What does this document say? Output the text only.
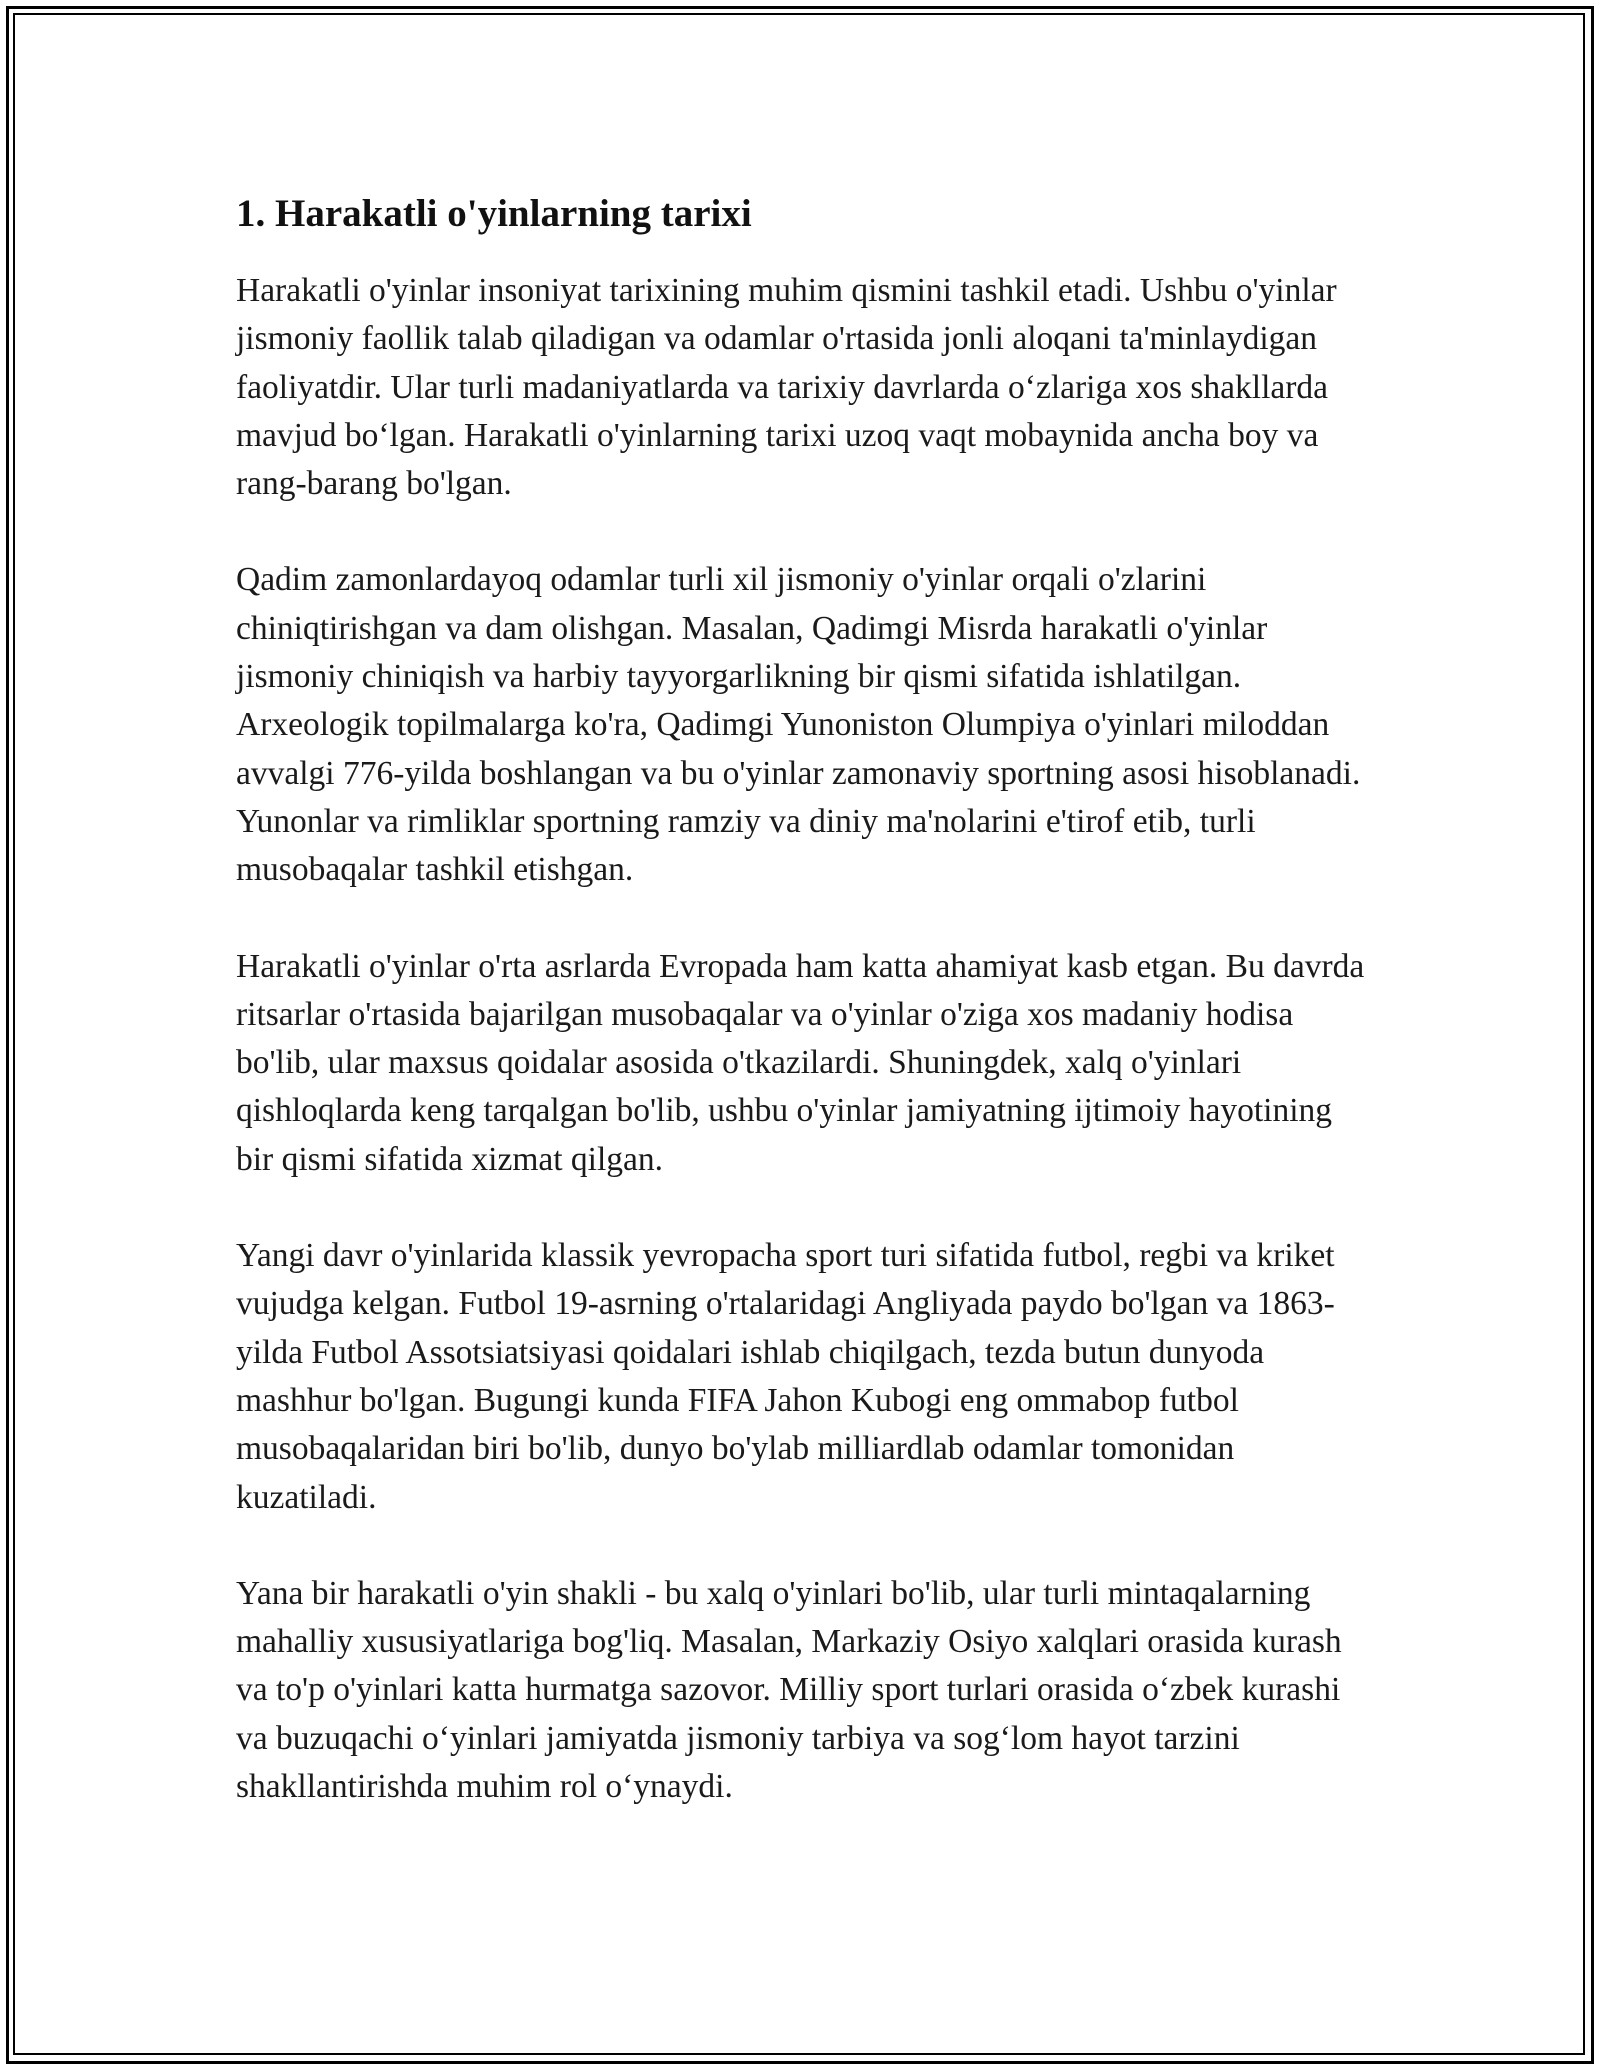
1. Harakatli o'yinlarning tarixi

Harakatli o'yinlar insoniyat tarixining muhim qismini tashkil etadi. Ushbu o'yinlar jismoniy faollik talab qiladigan va odamlar o'rtasida jonli aloqani ta'minlaydigan faoliyatdir. Ular turli madaniyatlarda va tarixiy davrlarda o‘zlariga xos shakllarda mavjud bo‘lgan. Harakatli o'yinlarning tarixi uzoq vaqt mobaynida ancha boy va rang-barang bo'lgan.

Qadim zamonlardayoq odamlar turli xil jismoniy o'yinlar orqali o'zlarini chiniqtirishgan va dam olishgan. Masalan, Qadimgi Misrda harakatli o'yinlar jismoniy chiniqish va harbiy tayyorgarlikning bir qismi sifatida ishlatilgan. Arxeologik topilmalarga ko'ra, Qadimgi Yunoniston Olumpiya o'yinlari miloddan avvalgi 776-yilda boshlangan va bu o'yinlar zamonaviy sportning asosi hisoblanadi. Yunonlar va rimliklar sportning ramziy va diniy ma'nolarini e'tirof etib, turli musobaqalar tashkil etishgan.

Harakatli o'yinlar o'rta asrlarda Evropada ham katta ahamiyat kasb etgan. Bu davrda ritsarlar o'rtasida bajarilgan musobaqalar va o'yinlar o'ziga xos madaniy hodisa bo'lib, ular maxsus qoidalar asosida o'tkazilardi. Shuningdek, xalq o'yinlari qishloqlarda keng tarqalgan bo'lib, ushbu o'yinlar jamiyatning ijtimoiy hayotining bir qismi sifatida xizmat qilgan.

Yangi davr o'yinlarida klassik yevropacha sport turi sifatida futbol, regbi va kriket vujudga kelgan. Futbol 19-asrning o'rtalaridagi Angliyada paydo bo'lgan va 1863-yilda Futbol Assotsiatsiyasi qoidalari ishlab chiqilgach, tezda butun dunyoda mashhur bo'lgan. Bugungi kunda FIFA Jahon Kubogi eng ommabop futbol musobaqalaridan biri bo'lib, dunyo bo'ylab milliardlab odamlar tomonidan kuzatiladi.

Yana bir harakatli o'yin shakli - bu xalq o'yinlari bo'lib, ular turli mintaqalarning mahalliy xususiyatlariga bog'liq. Masalan, Markaziy Osiyo xalqlari orasida kurash va to'p o'yinlari katta hurmatga sazovor. Milliy sport turlari orasida o‘zbek kurashi va buzuqachi o‘yinlari jamiyatda jismoniy tarbiya va sog‘lom hayot tarzini shakllantirishda muhim rol o‘ynaydi.
